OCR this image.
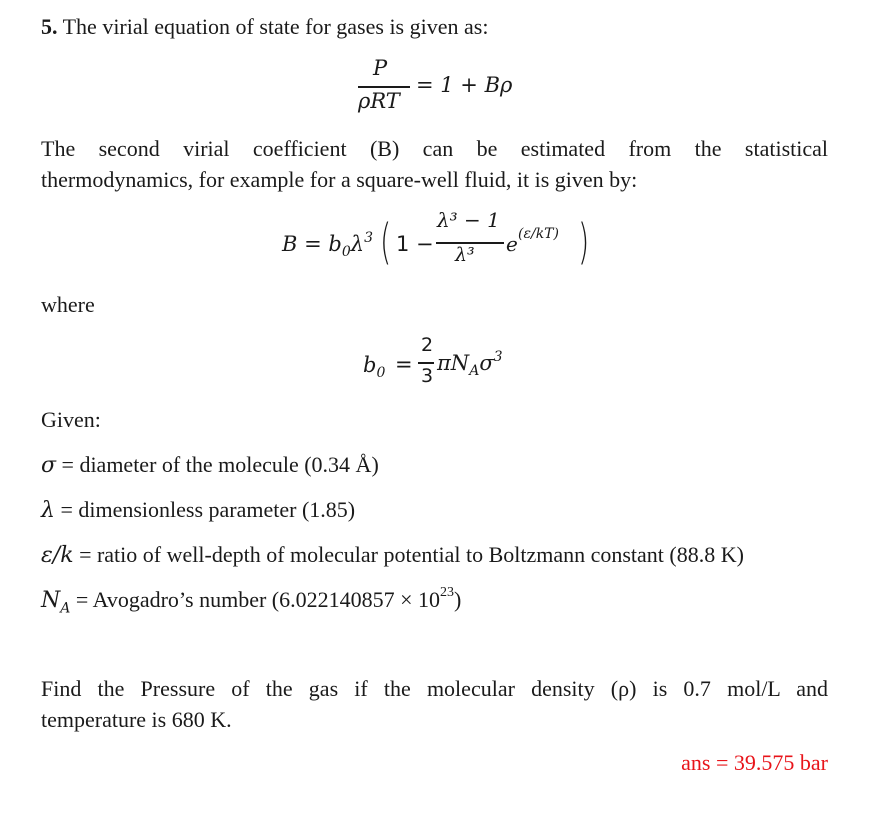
5. The virial equation of state for gases is given as:
P
ρRT
= 1 + Bρ
The second virial coefficient (B) can be estimated from the statistical
thermodynamics, for example for a square-well fluid, it is given by:
$B = b_0\lambda^3$ ( 1 −
λ³ − 1
λ³ e (ε/kT) )
where
$b_0$ =
2
3
$\pi N_A\sigma^3$
Given:
σ = diameter of the molecule (0.34 Å)
λ = dimensionless parameter (1.85)
ε/k = ratio of well-depth of molecular potential to Boltzmann constant (88.8 K)
$N_A$ = Avogadro’s number $(6.022140857 \times 10^{23})$
Find the Pressure of the gas if the molecular density (ρ) is 0.7 mol/L and
temperature is 680 K.
ans = 39.575 bar
